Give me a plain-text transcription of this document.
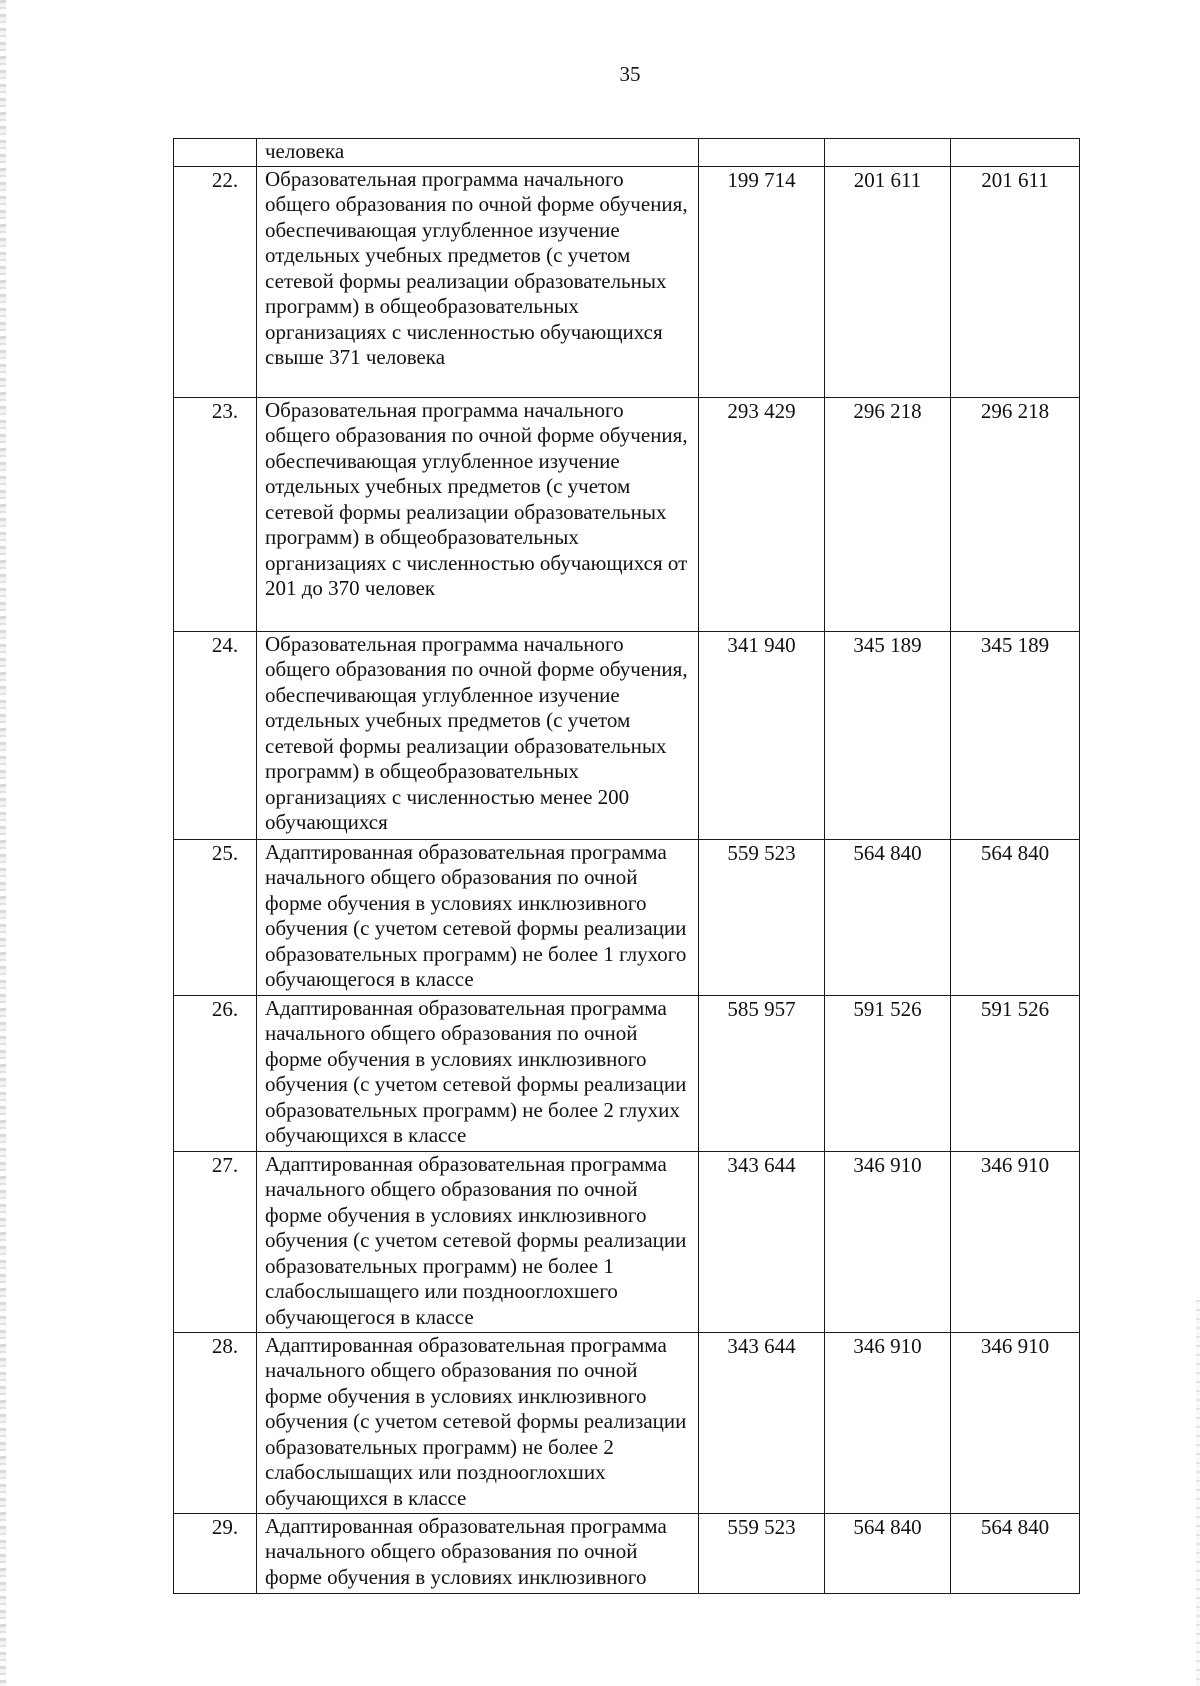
35
	человека			
22.	Образовательная программа начального общего образования по очной форме обучения, обеспечивающая углубленное изучение отдельных учебных предметов (с учетом сетевой формы реализации образовательных программ) в общеобразовательных организациях с численностью обучающихся свыше 371 человека	199 714	201 611	201 611
23.	Образовательная программа начального общего образования по очной форме обучения, обеспечивающая углубленное изучение отдельных учебных предметов (с учетом сетевой формы реализации образовательных программ) в общеобразовательных организациях с численностью обучающихся от 201 до 370 человек	293 429	296 218	296 218
24.	Образовательная программа начального общего образования по очной форме обучения, обеспечивающая углубленное изучение отдельных учебных предметов (с учетом сетевой формы реализации образовательных программ) в общеобразовательных организациях с численностью менее 200 обучающихся	341 940	345 189	345 189
25.	Адаптированная образовательная программа начального общего образования по очной форме обучения в условиях инклюзивного обучения (с учетом сетевой формы реализации образовательных программ) не более 1 глухого обучающегося в классе	559 523	564 840	564 840
26.	Адаптированная образовательная программа начального общего образования по очной форме обучения в условиях инклюзивного обучения (с учетом сетевой формы реализации образовательных программ) не более 2 глухих обучающихся в классе	585 957	591 526	591 526
27.	Адаптированная образовательная программа начального общего образования по очной форме обучения в условиях инклюзивного обучения (с учетом сетевой формы реализации образовательных программ) не более 1 слабослышащего или позднооглохшего обучающегося в классе	343 644	346 910	346 910
28.	Адаптированная образовательная программа начального общего образования по очной форме обучения в условиях инклюзивного обучения (с учетом сетевой формы реализации образовательных программ) не более 2 слабослышащих или позднооглохших обучающихся в классе	343 644	346 910	346 910
29.	Адаптированная образовательная программа начального общего образования по очной форме обучения в условиях инклюзивного	559 523	564 840	564 840
